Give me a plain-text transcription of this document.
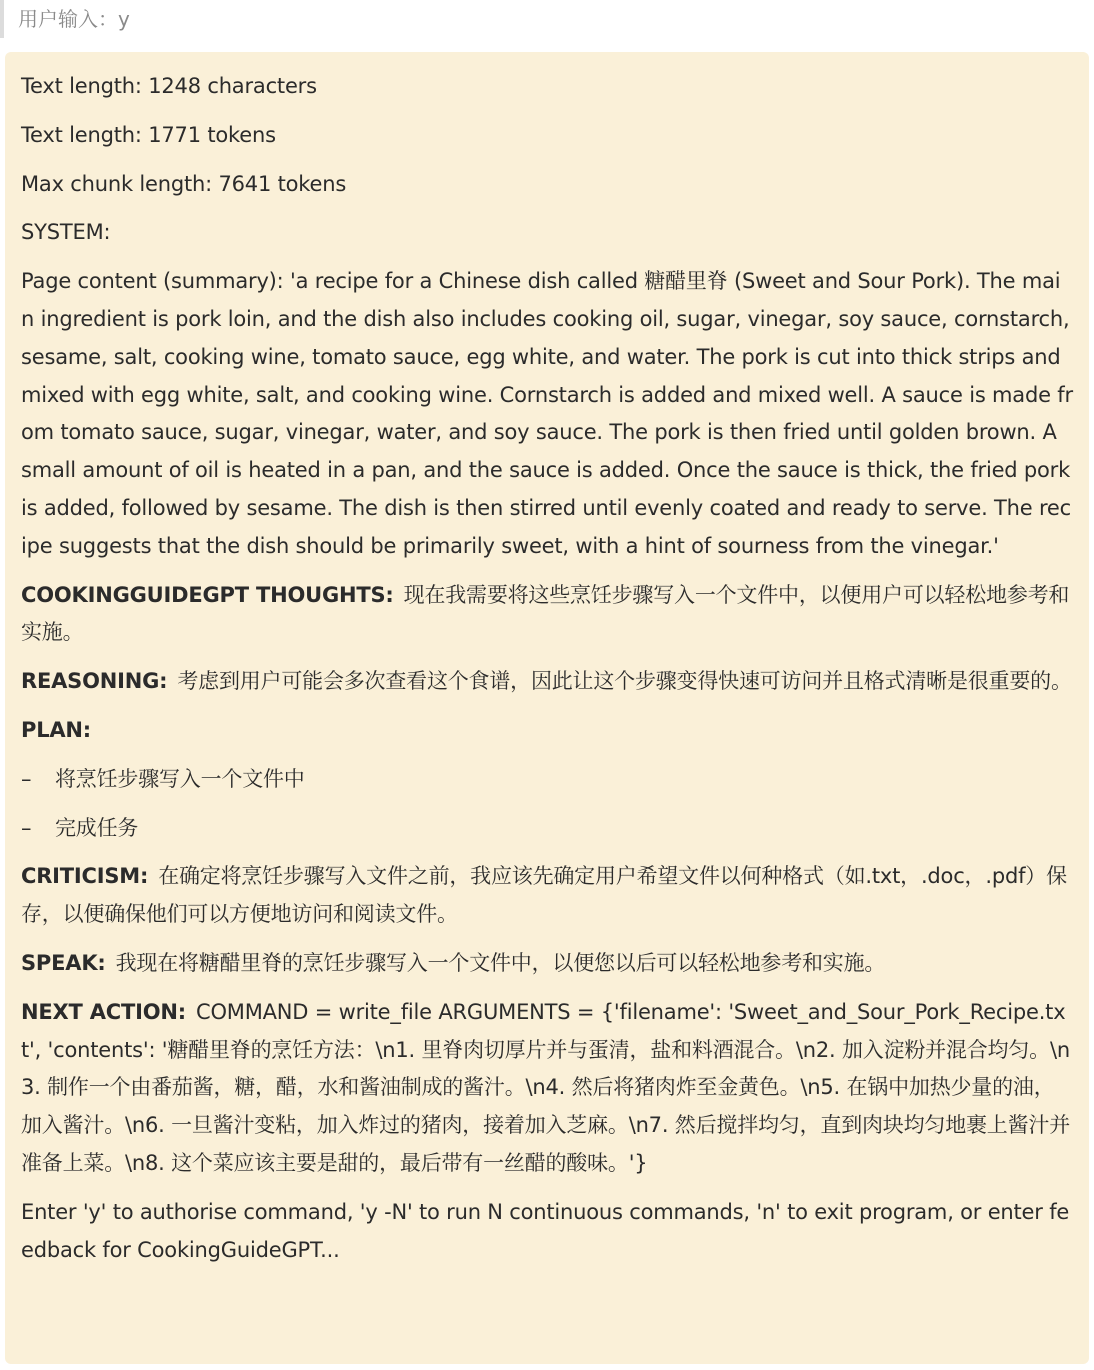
用户输入：y

Text length: 1248 characters

Text length: 1771 tokens

Max chunk length: 7641 tokens

SYSTEM:

Page content (summary): 'a recipe for a Chinese dish called 糖醋里脊 (Sweet and Sour Pork). The main ingredient is pork loin, and the dish also includes cooking oil, sugar, vinegar, soy sauce, cornstarch, sesame, salt, cooking wine, tomato sauce, egg white, and water. The pork is cut into thick strips and mixed with egg white, salt, and cooking wine. Cornstarch is added and mixed well. A sauce is made from tomato sauce, sugar, vinegar, water, and soy sauce. The pork is then fried until golden brown. A small amount of oil is heated in a pan, and the sauce is added. Once the sauce is thick, the fried pork is added, followed by sesame. The dish is then stirred until evenly coated and ready to serve. The recipe suggests that the dish should be primarily sweet, with a hint of sourness from the vinegar.'

COOKINGGUIDEGPT THOUGHTS: 现在我需要将这些烹饪步骤写入一个文件中，以便用户可以轻松地参考和实施。

REASONING: 考虑到用户可能会多次查看这个食谱，因此让这个步骤变得快速可访问并且格式清晰是很重要的。

PLAN:

– 将烹饪步骤写入一个文件中

– 完成任务

CRITICISM: 在确定将烹饪步骤写入文件之前，我应该先确定用户希望文件以何种格式（如.txt，.doc，.pdf）保存，以便确保他们可以方便地访问和阅读文件。

SPEAK: 我现在将糖醋里脊的烹饪步骤写入一个文件中，以便您以后可以轻松地参考和实施。

NEXT ACTION: COMMAND = write_file ARGUMENTS = {'filename': 'Sweet_and_Sour_Pork_Recipe.txt', 'contents': '糖醋里脊的烹饪方法：\n1. 里脊肉切厚片并与蛋清，盐和料酒混合。\n2. 加入淀粉并混合均匀。\n3. 制作一个由番茄酱，糖，醋，水和酱油制成的酱汁。\n4. 然后将猪肉炸至金黄色。\n5. 在锅中加热少量的油，加入酱汁。\n6. 一旦酱汁变粘，加入炸过的猪肉，接着加入芝麻。\n7. 然后搅拌均匀，直到肉块均匀地裹上酱汁并准备上菜。\n8. 这个菜应该主要是甜的，最后带有一丝醋的酸味。'}

Enter 'y' to authorise command, 'y -N' to run N continuous commands, 'n' to exit program, or enter feedback for CookingGuideGPT...
